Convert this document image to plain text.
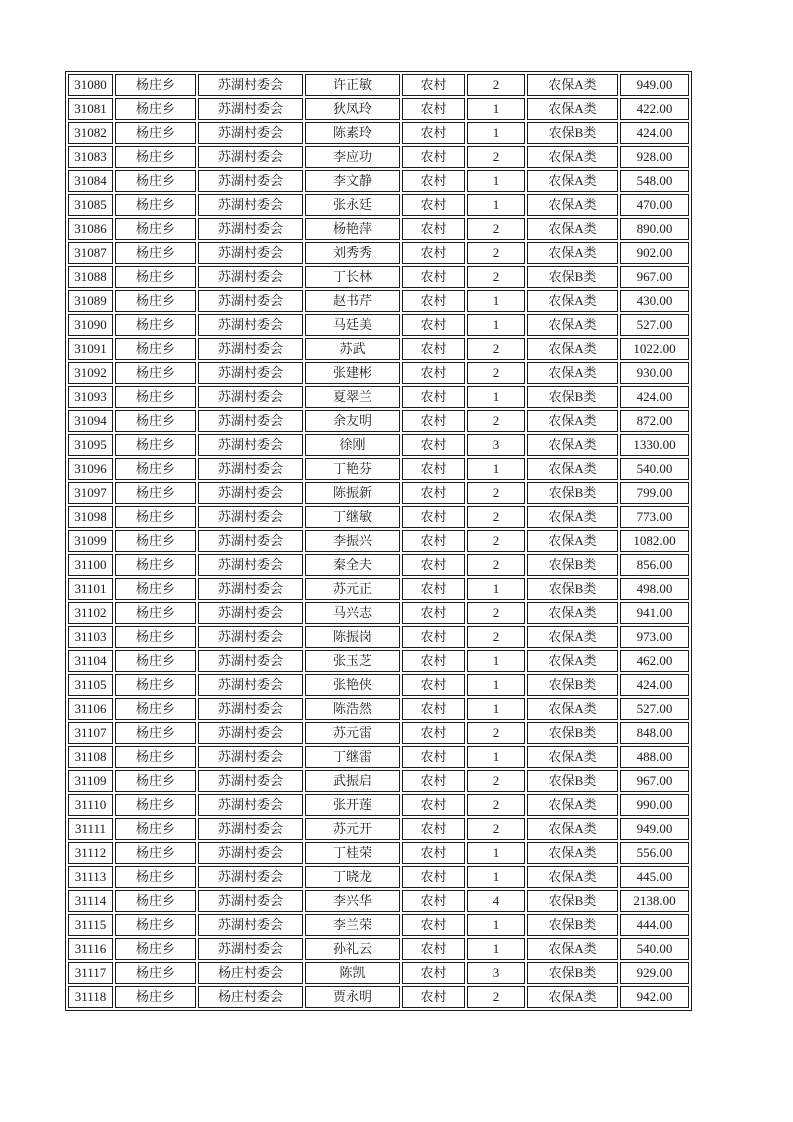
31080	杨庄乡	苏湖村委会	许正敏	农村	2	农保A类	949.00
31081	杨庄乡	苏湖村委会	狄凤玲	农村	1	农保A类	422.00
31082	杨庄乡	苏湖村委会	陈素玲	农村	1	农保B类	424.00
31083	杨庄乡	苏湖村委会	李应功	农村	2	农保A类	928.00
31084	杨庄乡	苏湖村委会	李文静	农村	1	农保A类	548.00
31085	杨庄乡	苏湖村委会	张永廷	农村	1	农保A类	470.00
31086	杨庄乡	苏湖村委会	杨艳萍	农村	2	农保A类	890.00
31087	杨庄乡	苏湖村委会	刘秀秀	农村	2	农保A类	902.00
31088	杨庄乡	苏湖村委会	丁长林	农村	2	农保B类	967.00
31089	杨庄乡	苏湖村委会	赵书芹	农村	1	农保A类	430.00
31090	杨庄乡	苏湖村委会	马廷美	农村	1	农保A类	527.00
31091	杨庄乡	苏湖村委会	苏武	农村	2	农保A类	1022.00
31092	杨庄乡	苏湖村委会	张建彬	农村	2	农保A类	930.00
31093	杨庄乡	苏湖村委会	夏翠兰	农村	1	农保B类	424.00
31094	杨庄乡	苏湖村委会	余友明	农村	2	农保A类	872.00
31095	杨庄乡	苏湖村委会	徐刚	农村	3	农保A类	1330.00
31096	杨庄乡	苏湖村委会	丁艳芬	农村	1	农保A类	540.00
31097	杨庄乡	苏湖村委会	陈振新	农村	2	农保B类	799.00
31098	杨庄乡	苏湖村委会	丁继敏	农村	2	农保A类	773.00
31099	杨庄乡	苏湖村委会	李振兴	农村	2	农保A类	1082.00
31100	杨庄乡	苏湖村委会	秦全夫	农村	2	农保B类	856.00
31101	杨庄乡	苏湖村委会	苏元正	农村	1	农保B类	498.00
31102	杨庄乡	苏湖村委会	马兴志	农村	2	农保A类	941.00
31103	杨庄乡	苏湖村委会	陈振岗	农村	2	农保A类	973.00
31104	杨庄乡	苏湖村委会	张玉芝	农村	1	农保A类	462.00
31105	杨庄乡	苏湖村委会	张艳侠	农村	1	农保B类	424.00
31106	杨庄乡	苏湖村委会	陈浩然	农村	1	农保A类	527.00
31107	杨庄乡	苏湖村委会	苏元雷	农村	2	农保B类	848.00
31108	杨庄乡	苏湖村委会	丁继雷	农村	1	农保A类	488.00
31109	杨庄乡	苏湖村委会	武振启	农村	2	农保B类	967.00
31110	杨庄乡	苏湖村委会	张开莲	农村	2	农保A类	990.00
31111	杨庄乡	苏湖村委会	苏元开	农村	2	农保A类	949.00
31112	杨庄乡	苏湖村委会	丁桂荣	农村	1	农保A类	556.00
31113	杨庄乡	苏湖村委会	丁晓龙	农村	1	农保A类	445.00
31114	杨庄乡	苏湖村委会	李兴华	农村	4	农保B类	2138.00
31115	杨庄乡	苏湖村委会	李兰荣	农村	1	农保B类	444.00
31116	杨庄乡	苏湖村委会	孙礼云	农村	1	农保A类	540.00
31117	杨庄乡	杨庄村委会	陈凯	农村	3	农保B类	929.00
31118	杨庄乡	杨庄村委会	贾永明	农村	2	农保A类	942.00
